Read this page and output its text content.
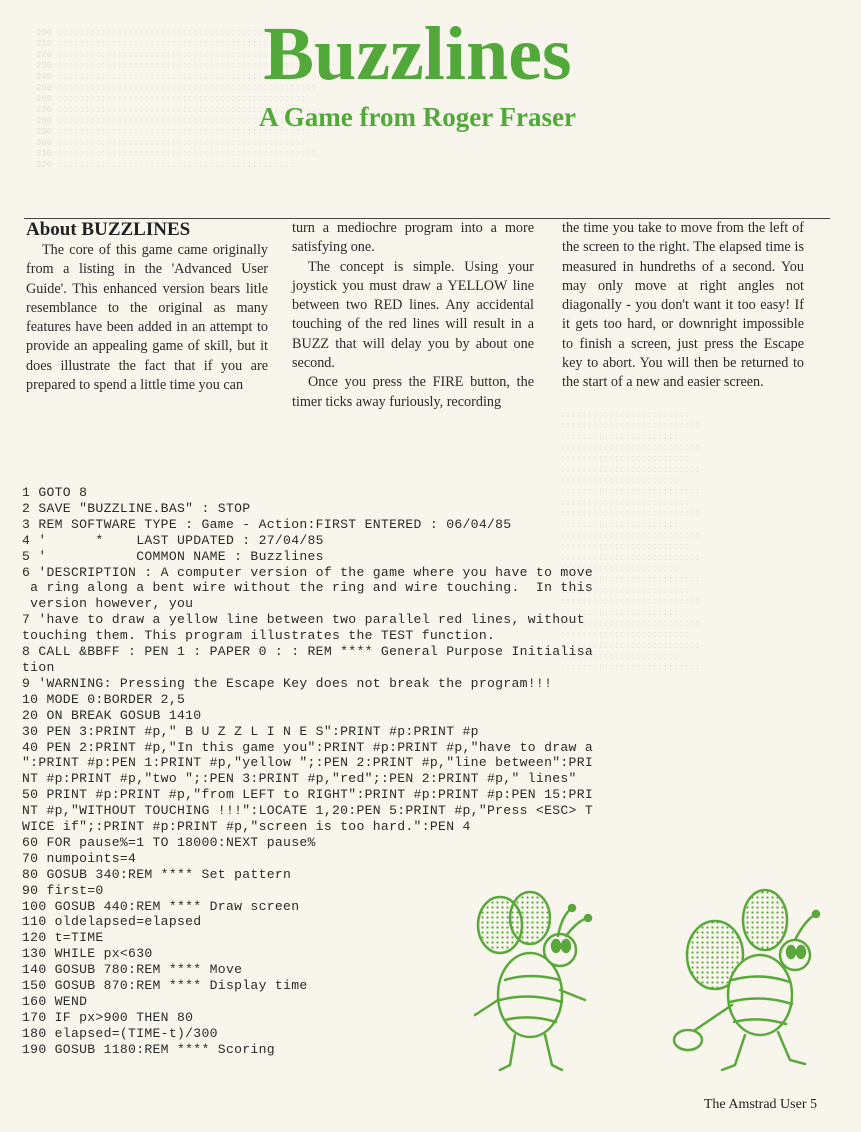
200 ::::::::::::::::::::::::::::::::::::::::::::
210 ::::::::::::::::::::::::::::::::::::::::::::::::
220 ::::::::::::::::::::::::::::::::::::::::::::::
230 ::::::::::::::::::::::::::::::::::::::::::::::::
240 ::::::::::::::::::::::::::::::::::::::::::::
250 ::::::::::::::::::::::::::::::::::::::::::::::::
260 ::::::::::::::::::::::::::::::::::::::::::::::
270 ::::::::::::::::::::::::::::::::::::::::::::::::
280 ::::::::::::::::::::::::::::::::::::::::::::
290 ::::::::::::::::::::::::::::::::::::::::::::::::
300 ::::::::::::::::::::::::::::::::::::::::::::::
310 ::::::::::::::::::::::::::::::::::::::::::::::::
320 ::::::::::::::::::::::::::::::::::::::::::::
::::::::::::::::::::::::
::::::::::::::::::::::::::
::::::::::::::::::::::
::::::::::::::::::::::::::
::::::::::::::::::::::::
::::::::::::::::::::::::::
::::::::::::::::::::::
::::::::::::::::::::::::::
::::::::::::::::::::::::
::::::::::::::::::::::::::
::::::::::::::::::::::
::::::::::::::::::::::::::
::::::::::::::::::::::::
::::::::::::::::::::::::::
::::::::::::::::::::::
::::::::::::::::::::::::::
::::::::::::::::::::::::
::::::::::::::::::::::::::
::::::::::::::::::::::
::::::::::::::::::::::::::
::::::::::::::::::::::::
::::::::::::::::::::::::::
::::::::::::::::::::::
::::::::::::::::::::::::::
Buzzlines
A Game from Roger Fraser
About BUZZLINES

The core of this game came originally from a listing in the 'Advanced User Guide'. This enhanced version bears litle resemblance to the original as many features have been added in an attempt to provide an appealing game of skill, but it does illustrate the fact that if you are prepared to spend a little time you can

turn a mediochre program into a more satisfying one.

The concept is simple. Using your joystick you must draw a YELLOW line between two RED lines. Any accidental touching of the red lines will result in a BUZZ that will delay you by about one second.

Once you press the FIRE button, the timer ticks away furiously, recording

the time you take to move from the left of the screen to the right. The elapsed time is measured in hundreths of a second. You may only move at right angles not diagonally - you don't want it too easy! If it gets too hard, or downright impossible to finish a screen, just press the Escape key to abort. You will then be returned to the start of a new and easier screen.

1 GOTO 8
2 SAVE "BUZZLINE.BAS" : STOP
3 REM SOFTWARE TYPE : Game - Action:FIRST ENTERED : 06/04/85
4 '      *    LAST UPDATED : 27/04/85
5 '           COMMON NAME : Buzzlines
6 'DESCRIPTION : A computer version of the game where you have to move
a ring along a bent wire without the ring and wire touching.  In this
version however, you
7 'have to draw a yellow line between two parallel red lines, without
touching them. This program illustrates the TEST function.
8 CALL &BBFF : PEN 1 : PAPER 0 : : REM **** General Purpose Initialisa
tion
9 'WARNING: Pressing the Escape Key does not break the program!!!
10 MODE 0:BORDER 2,5
20 ON BREAK GOSUB 1410
30 PEN 3:PRINT #p," B U Z Z L I N E S":PRINT #p:PRINT #p
40 PEN 2:PRINT #p,"In this game you":PRINT #p:PRINT #p,"have to draw a
":PRINT #p:PEN 1:PRINT #p,"yellow ";:PEN 2:PRINT #p,"line between":PRI
NT #p:PRINT #p,"two ";:PEN 3:PRINT #p,"red";:PEN 2:PRINT #p," lines"
50 PRINT #p:PRINT #p,"from LEFT to RIGHT":PRINT #p:PRINT #p:PEN 15:PRI
NT #p,"WITHOUT TOUCHING !!!":LOCATE 1,20:PEN 5:PRINT #p,"Press <ESC> T
WICE if";:PRINT #p:PRINT #p,"screen is too hard.":PEN 4
60 FOR pause%=1 TO 18000:NEXT pause%
70 numpoints=4
80 GOSUB 340:REM **** Set pattern
90 first=0
100 GOSUB 440:REM **** Draw screen
110 oldelapsed=elapsed
120 t=TIME
130 WHILE px<630
140 GOSUB 780:REM **** Move
150 GOSUB 870:REM **** Display time
160 WEND
170 IF px>900 THEN 80
180 elapsed=(TIME-t)/300
190 GOSUB 1180:REM **** Scoring
The Amstrad User 5
